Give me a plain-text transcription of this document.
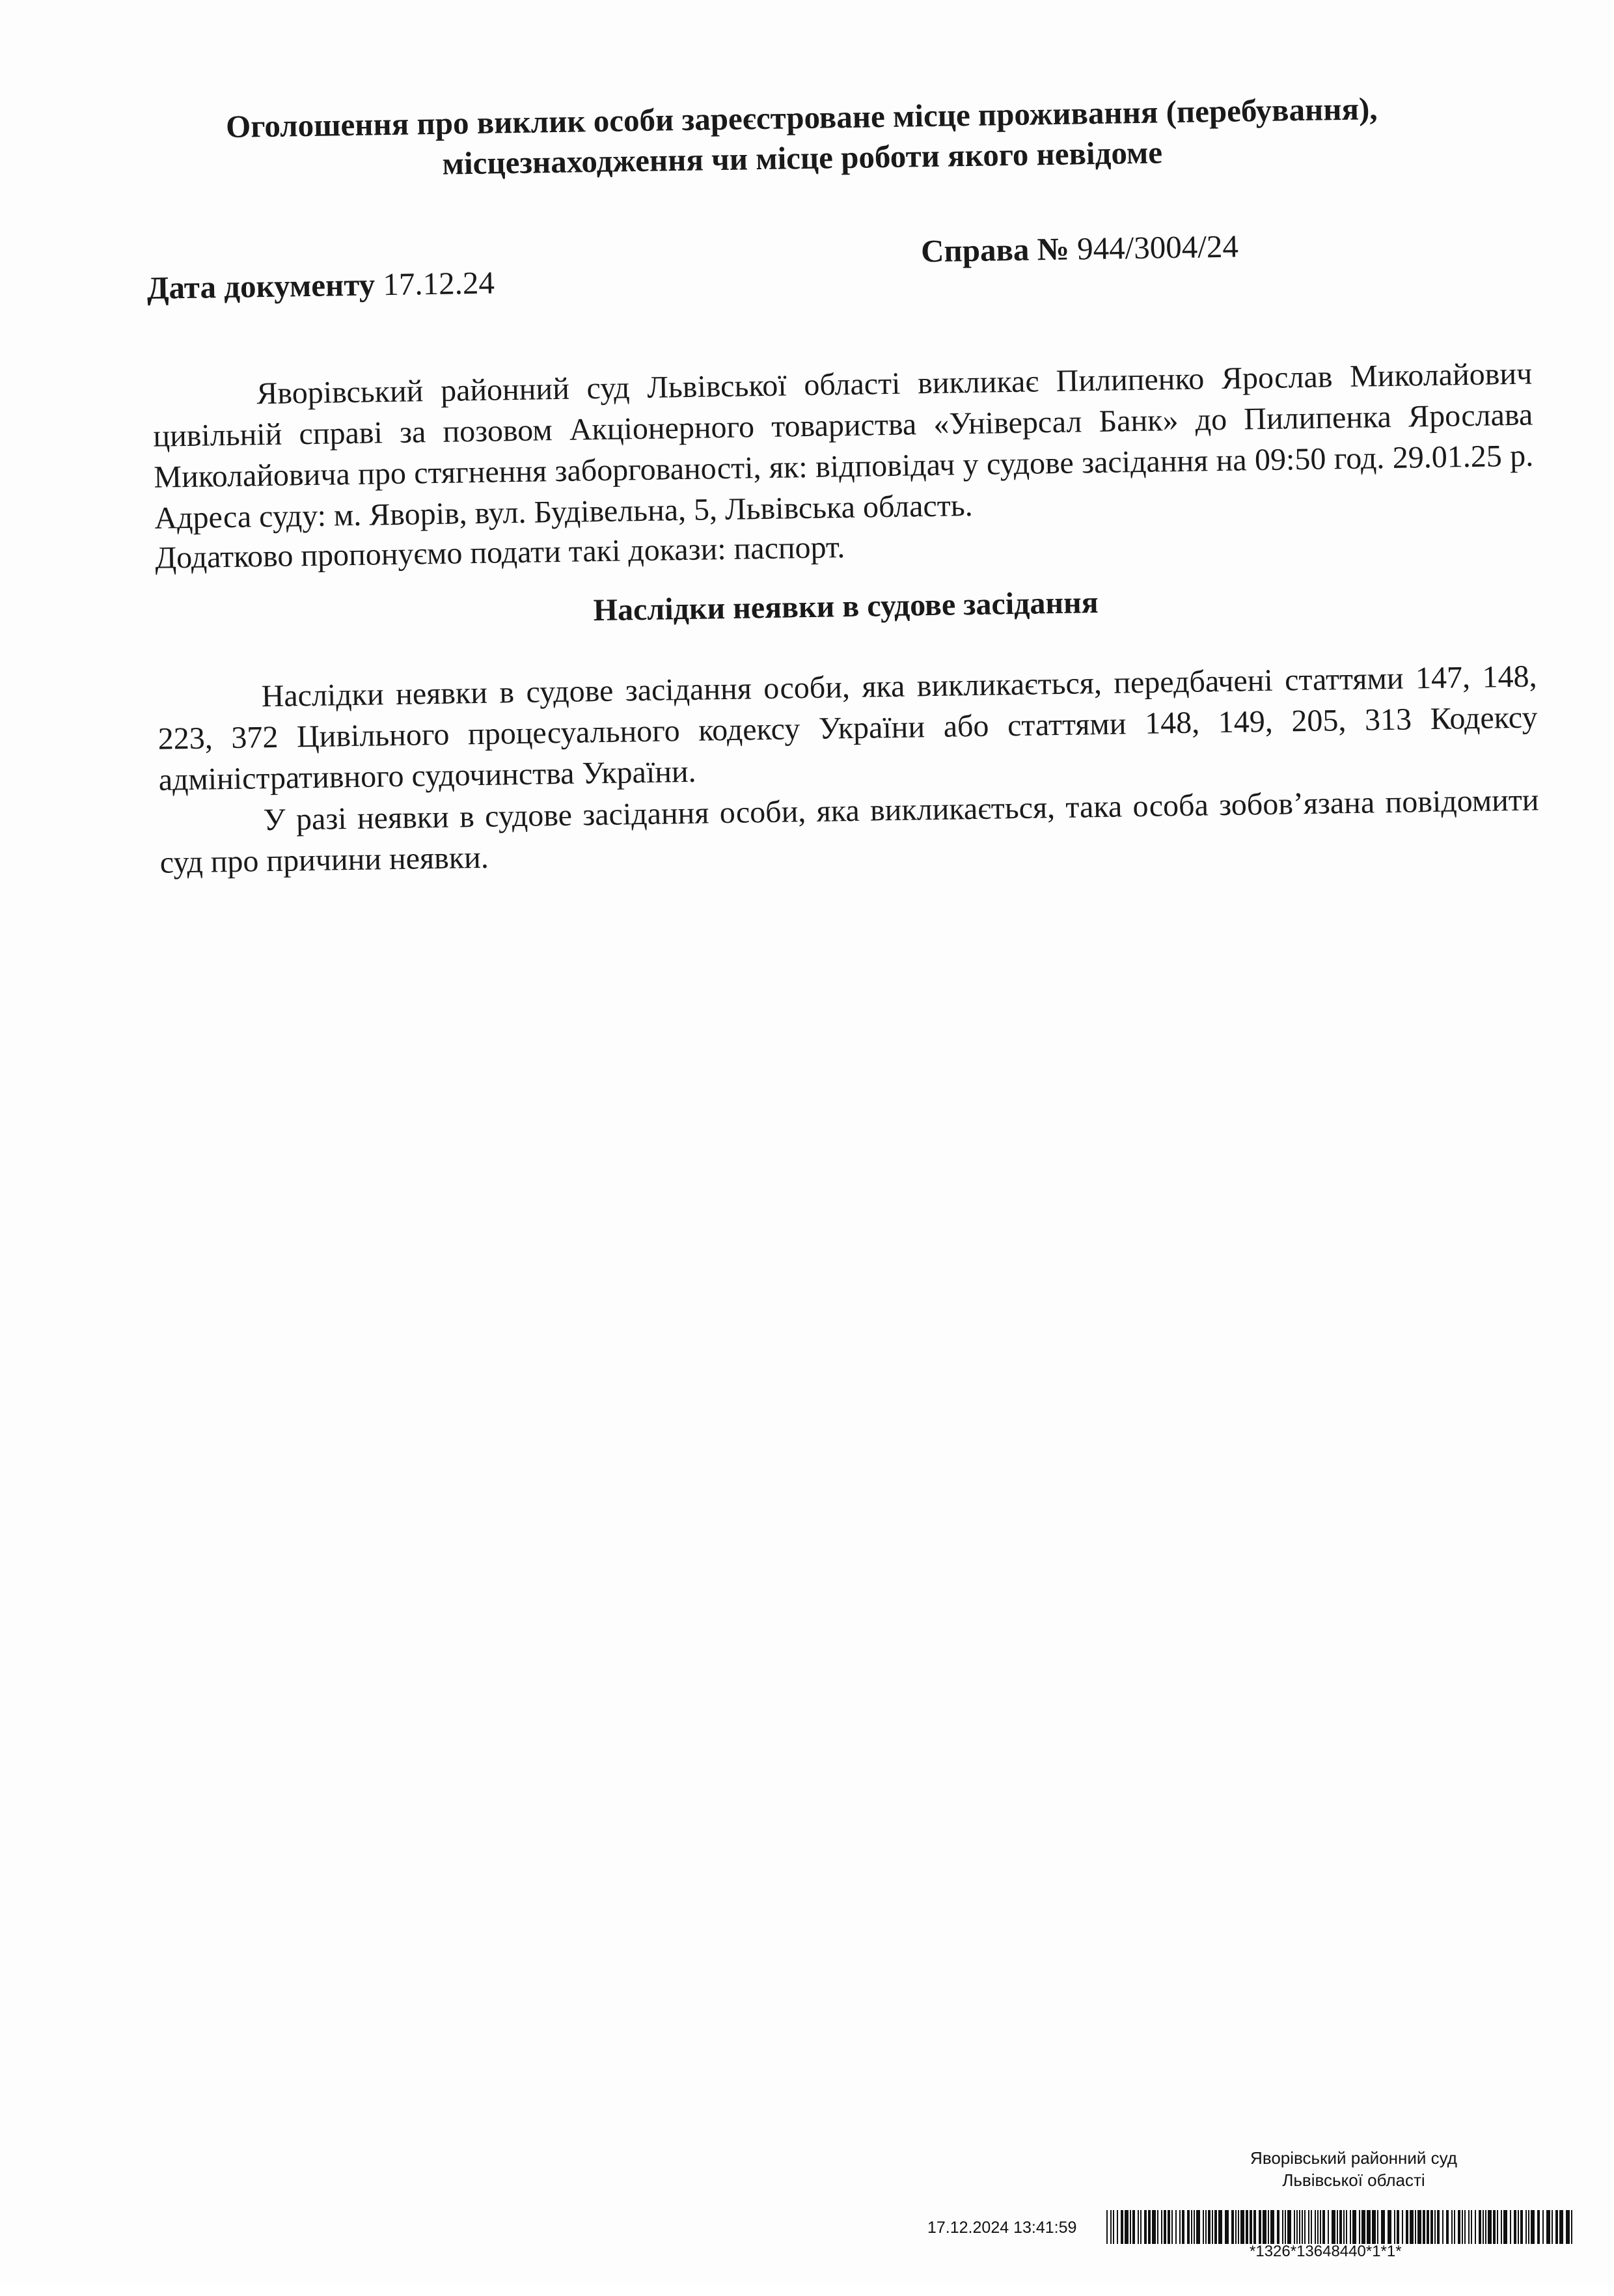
Оголошення про виклик особи зареєстроване місце проживання (перебування),
місцезнаходження чи місце роботи якого невідоме
Дата документу 17.12.24
Справа № 944/3004/24
Яворівський районний суд Львівської області викликає Пилипенко Ярослав Миколайович цивільній справі за позовом Акціонерного товариства «Універсал Банк» до Пилипенка Ярослава Миколайовича про стягнення заборгованості, як: відповідач у судове засідання на 09:50 год. 29.01.25 р. Адреса суду: м. Яворів, вул. Будівельна, 5, Львівська область.
Додатково пропонуємо подати такі докази: паспорт.
Наслідки неявки в судове засідання
Наслідки неявки в судове засідання особи, яка викликається, передбачені статтями 147, 148, 223, 372 Цивільного процесуального кодексу України або статтями 148, 149, 205, 313 Кодексу адміністративного судочинства України.
У разі неявки в судове засідання особи, яка викликається, така особа зобов’язана повідомити суд про причини неявки.
Яворівський районний суд
Львівської області
17.12.2024 13:41:59
*1326*13648440*1*1*
